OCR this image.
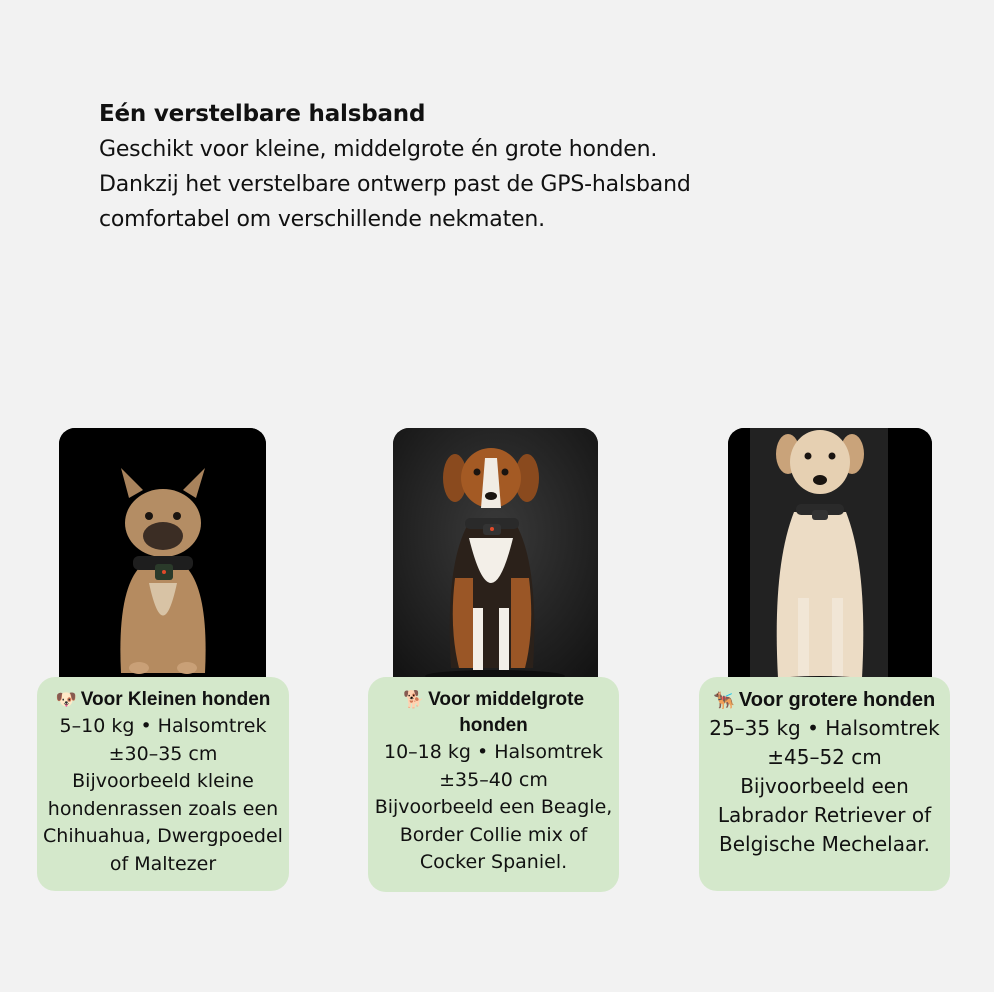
Eén verstelbare halsband

Geschikt voor kleine, middelgrote én grote honden.
Dankzij het verstelbare ontwerp past de GPS-halsband
comfortabel om verschillende nekmaten.

🐶 Voor Kleinen honden
5–10 kg • Halsomtrek
±30–35 cm
Bijvoorbeeld kleine hondenrassen zoals een Chihuahua, Dwergpoedel of Maltezer
🐕 Voor middelgrote honden
10–18 kg • Halsomtrek
±35–40 cm
Bijvoorbeeld een Beagle, Border Collie mix of Cocker Spaniel.
🐕‍🦺 Voor grotere honden
25–35 kg • Halsomtrek
±45–52 cm
Bijvoorbeeld een Labrador Retriever of Belgische Mechelaar.
